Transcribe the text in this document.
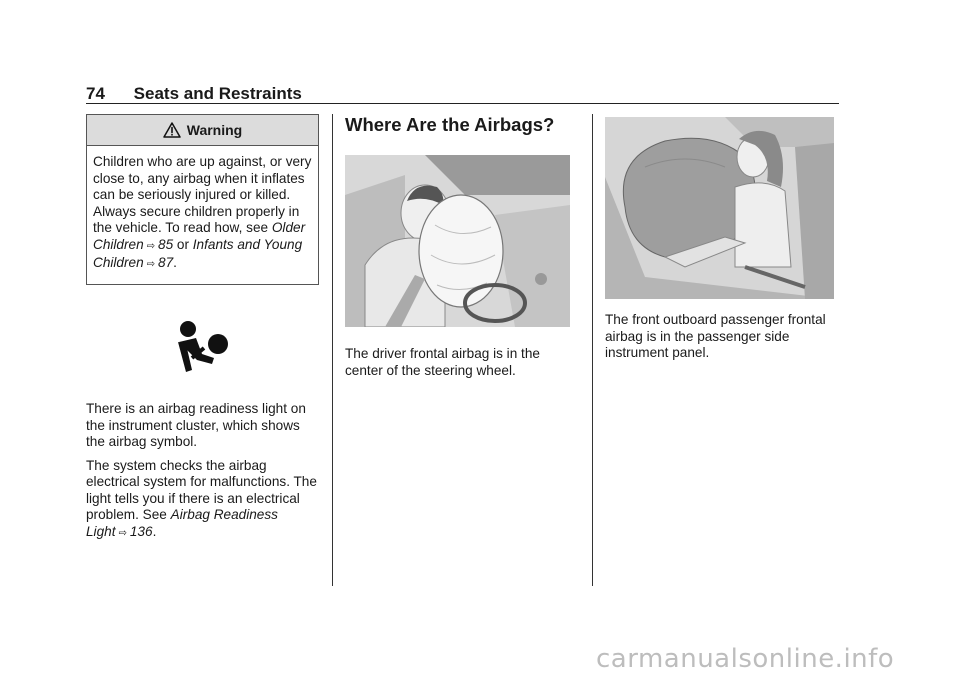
74 Seats and Restraints
Warning

Children who are up against, or very close to, any airbag when it inflates can be seriously injured or killed. Always secure children properly in the vehicle. To read how, see Older Children ⇨ 85 or Infants and Young Children ⇨ 87.

There is an airbag readiness light on the instrument cluster, which shows the airbag symbol.

The system checks the airbag electrical system for malfunctions. The light tells you if there is an electrical problem. See Airbag Readiness Light ⇨ 136.

Where Are the Airbags?

The driver frontal airbag is in the center of the steering wheel.

The front outboard passenger frontal airbag is in the passenger side instrument panel.

carmanualsonline.info
